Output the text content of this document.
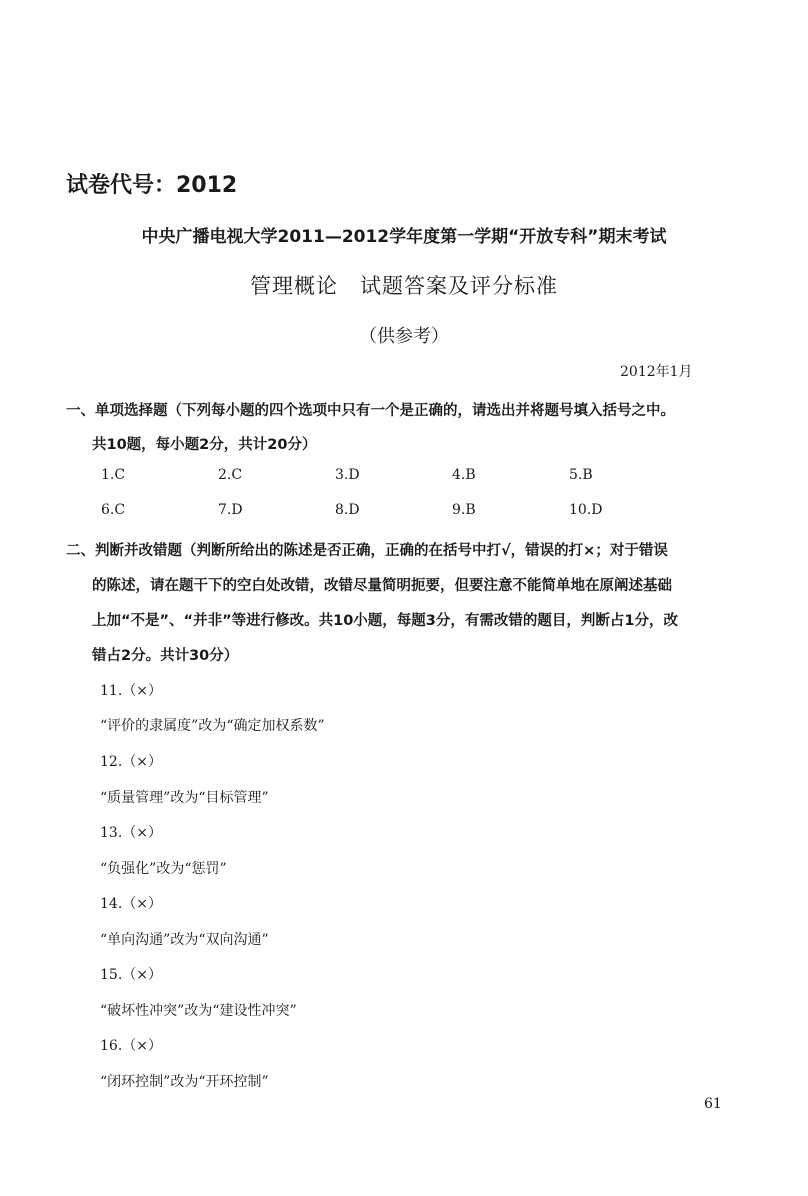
试卷代号：2012
中央广播电视大学2011—2012学年度第一学期“开放专科”期末考试
管理概论　试题答案及评分标准
（供参考）
2012年1月
一、单项选择题（下列每小题的四个选项中只有一个是正确的，请选出并将题号填入括号之中。
共10题，每小题2分，共计20分）
1.C	2.C	3.D	4.B	5.B
6.C	7.D	8.D	9.B	10.D
二、判断并改错题（判断所给出的陈述是否正确，正确的在括号中打√，错误的打×；对于错误
的陈述，请在题干下的空白处改错，改错尽量简明扼要，但要注意不能简单地在原阐述基础
上加“不是”、“并非”等进行修改。共10小题，每题3分，有需改错的题目，判断占1分，改
错占2分。共计30分）
11.（×）
“评价的隶属度”改为“确定加权系数”
12.（×）
“质量管理”改为“目标管理”
13.（×）
“负强化”改为“惩罚”
14.（×）
“单向沟通”改为“双向沟通”
15.（×）
“破坏性冲突”改为“建设性冲突”
16.（×）
“闭环控制”改为“开环控制”
61
